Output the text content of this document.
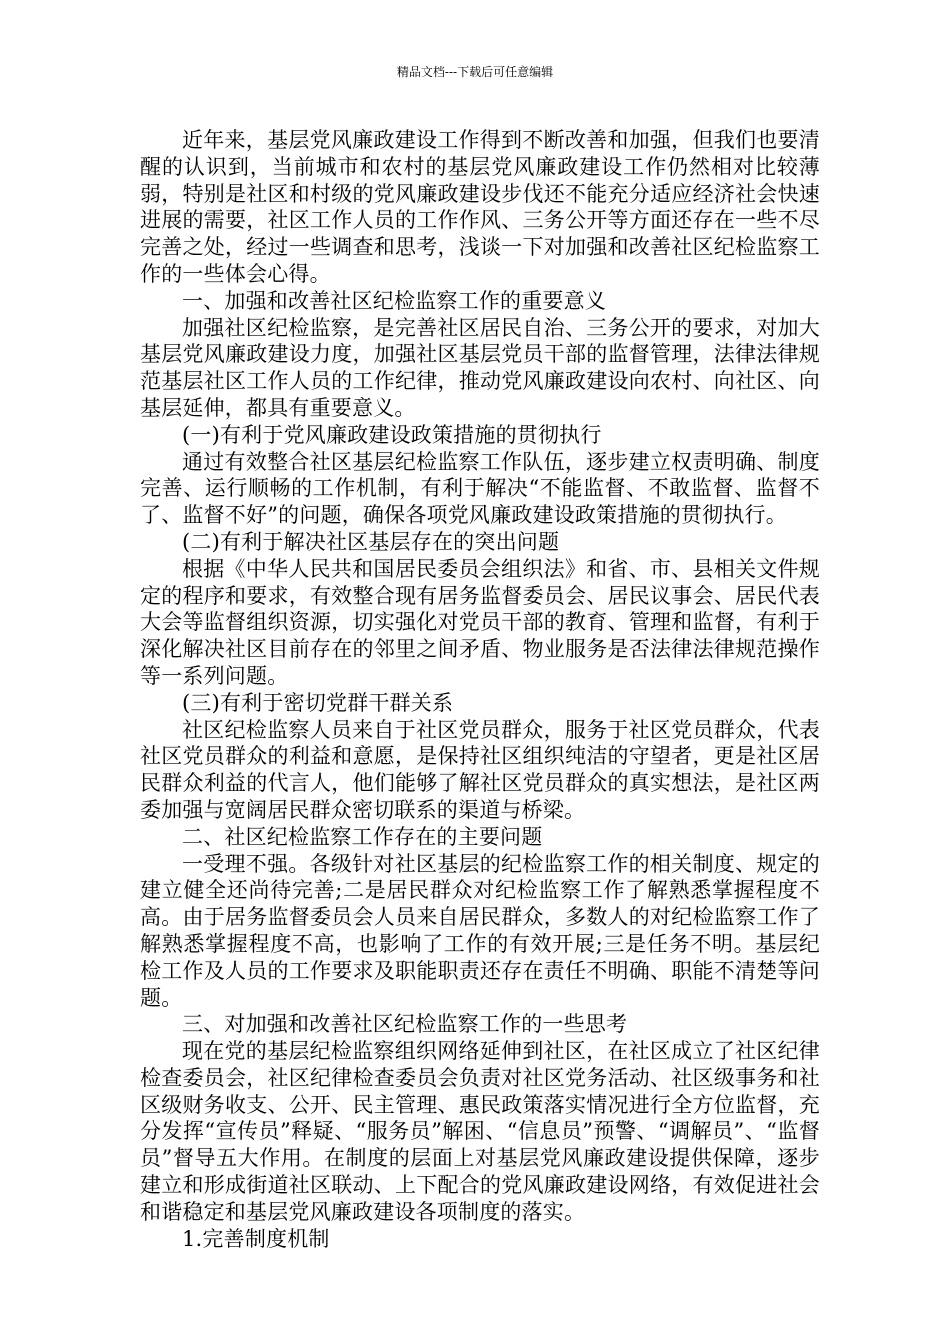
精品文档---下载后可任意编辑

近年来，基层党风廉政建设工作得到不断改善和加强，但我们也要清醒的认识到，当前城市和农村的基层党风廉政建设工作仍然相对比较薄弱，特别是社区和村级的党风廉政建设步伐还不能充分适应经济社会快速进展的需要，社区工作人员的工作作风、三务公开等方面还存在一些不尽完善之处，经过一些调查和思考，浅谈一下对加强和改善社区纪检监察工作的一些体会心得。

一、加强和改善社区纪检监察工作的重要意义

加强社区纪检监察，是完善社区居民自治、三务公开的要求，对加大基层党风廉政建设力度，加强社区基层党员干部的监督管理，法律法律规范基层社区工作人员的工作纪律，推动党风廉政建设向农村、向社区、向基层延伸，都具有重要意义。

(一)有利于党风廉政建设政策措施的贯彻执行

通过有效整合社区基层纪检监察工作队伍，逐步建立权责明确、制度完善、运行顺畅的工作机制，有利于解决“不能监督、不敢监督、监督不了、监督不好”的问题，确保各项党风廉政建设政策措施的贯彻执行。

(二)有利于解决社区基层存在的突出问题

根据《中华人民共和国居民委员会组织法》和省、市、县相关文件规定的程序和要求，有效整合现有居务监督委员会、居民议事会、居民代表大会等监督组织资源，切实强化对党员干部的教育、管理和监督，有利于深化解决社区目前存在的邻里之间矛盾、物业服务是否法律法律规范操作等一系列问题。

(三)有利于密切党群干群关系

社区纪检监察人员来自于社区党员群众，服务于社区党员群众，代表社区党员群众的利益和意愿，是保持社区组织纯洁的守望者，更是社区居民群众利益的代言人，他们能够了解社区党员群众的真实想法，是社区两委加强与宽阔居民群众密切联系的渠道与桥梁。

二、社区纪检监察工作存在的主要问题

一受理不强。各级针对社区基层的纪检监察工作的相关制度、规定的建立健全还尚待完善;二是居民群众对纪检监察工作了解熟悉掌握程度不高。由于居务监督委员会人员来自居民群众，多数人的对纪检监察工作了解熟悉掌握程度不高，也影响了工作的有效开展;三是任务不明。基层纪检工作及人员的工作要求及职能职责还存在责任不明确、职能不清楚等问题。

三、对加强和改善社区纪检监察工作的一些思考

现在党的基层纪检监察组织网络延伸到社区，在社区成立了社区纪律检查委员会，社区纪律检查委员会负责对社区党务活动、社区级事务和社区级财务收支、公开、民主管理、惠民政策落实情况进行全方位监督，充分发挥“宣传员”释疑、“服务员”解困、“信息员”预警、“调解员”、“监督员”督导五大作用。在制度的层面上对基层党风廉政建设提供保障，逐步建立和形成街道社区联动、上下配合的党风廉政建设网络，有效促进社会和谐稳定和基层党风廉政建设各项制度的落实。

1.完善制度机制
